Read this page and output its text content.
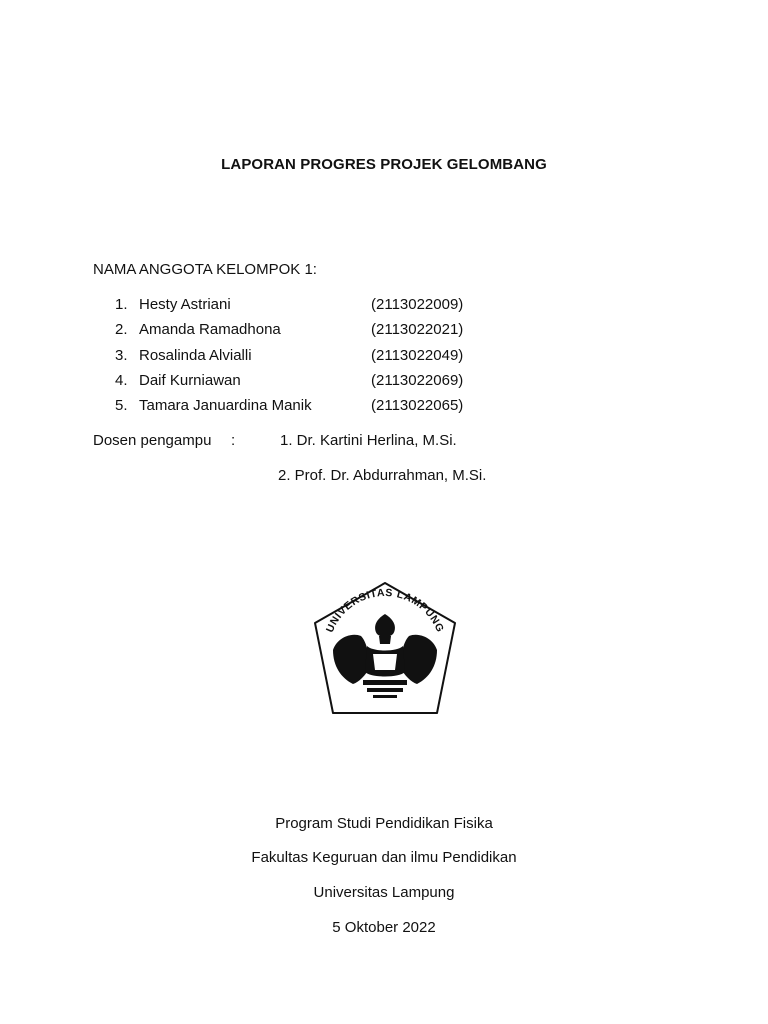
LAPORAN PROGRES PROJEK GELOMBANG
NAMA ANGGOTA KELOMPOK 1:
1. Hesty Astriani	(2113022009)
2. Amanda Ramadhona	(2113022021)
3. Rosalinda Alvialli	(2113022049)
4. Daif Kurniawan	(2113022069)
5. Tamara Januardina Manik	(2113022065)
Dosen pengampu :	1. Dr. Kartini Herlina, M.Si.
2. Prof. Dr. Abdurrahman, M.Si.
UNIVERSITAS LAMPUNG
Program Studi Pendidikan Fisika
Fakultas Keguruan dan ilmu Pendidikan
Universitas Lampung
5 Oktober 2022
